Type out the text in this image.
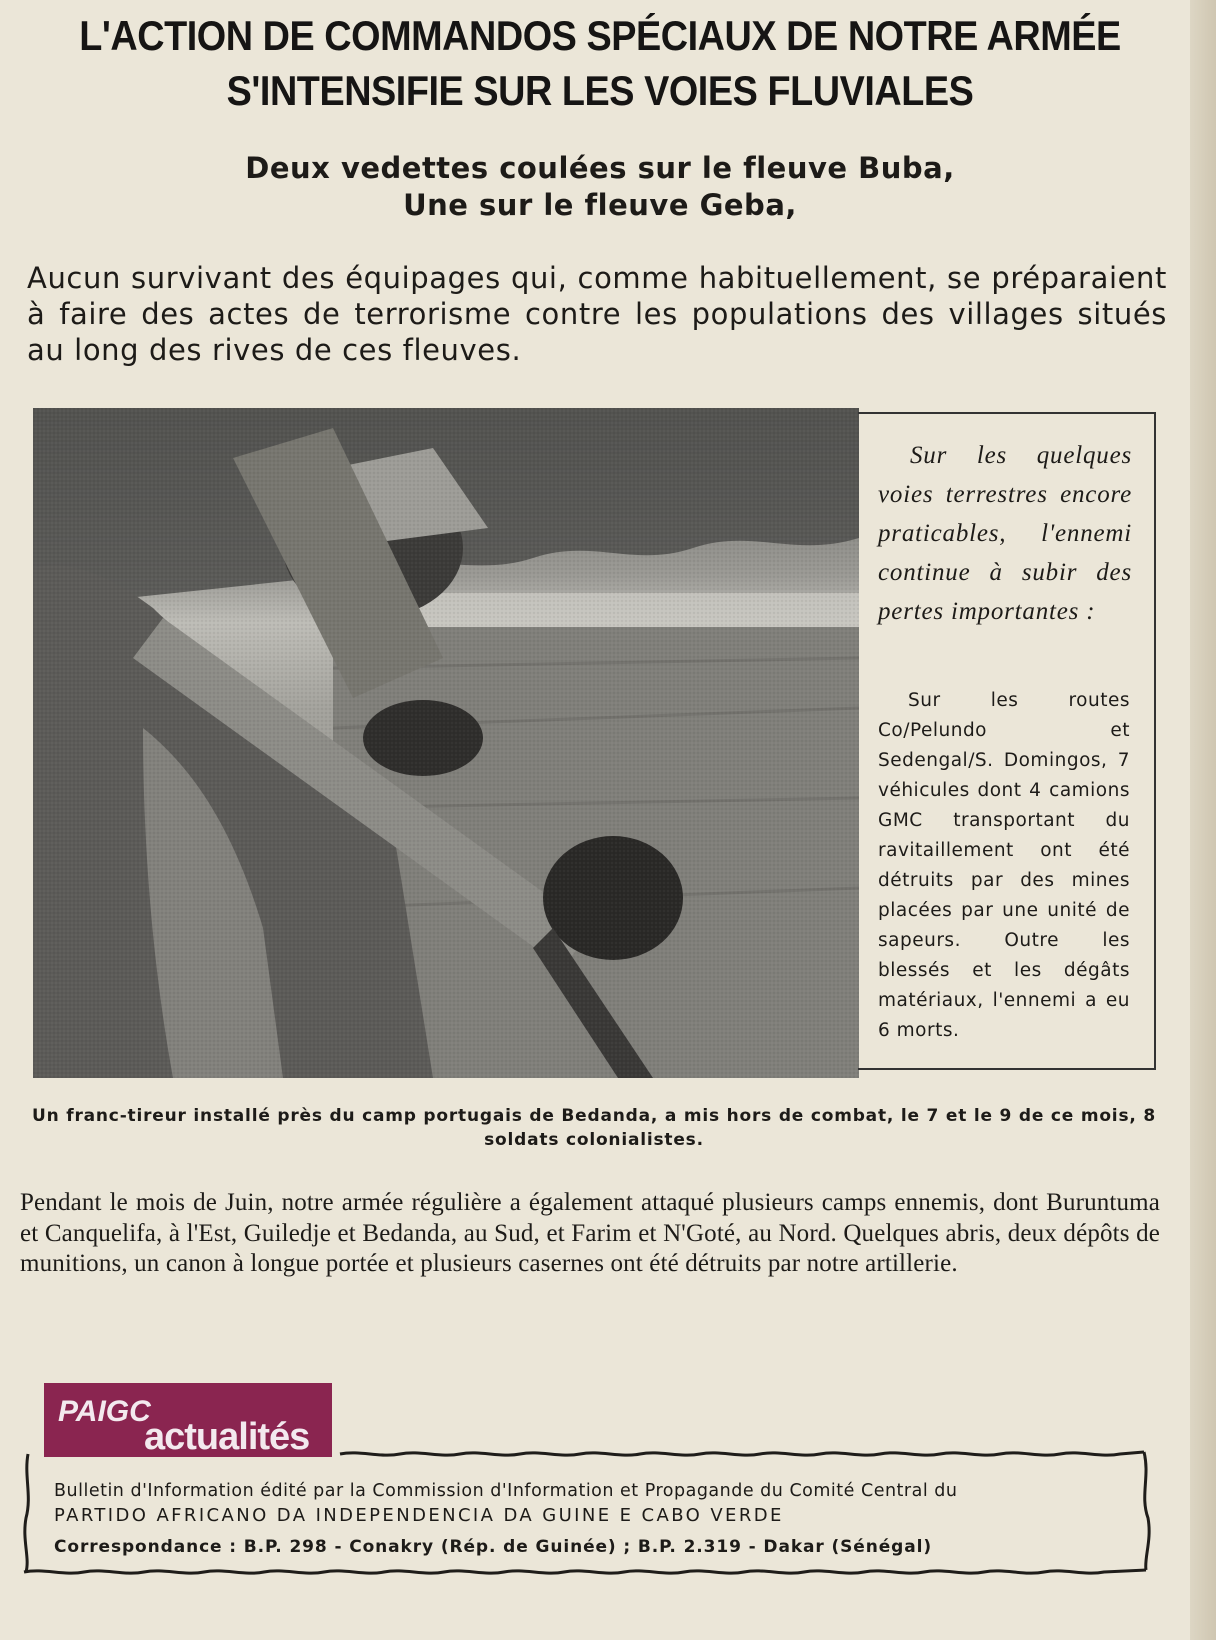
L'ACTION DE COMMANDOS SPÉCIAUX DE NOTRE ARMÉE
S'INTENSIFIE SUR LES VOIES FLUVIALES
Deux vedettes coulées sur le fleuve Buba,
Une sur le fleuve Geba,

Aucun survivant des équipages qui, comme habituellement, se préparaient à faire des actes de terrorisme contre les populations des villages situés au long des rives de ces fleuves.

Sur les quelques voies terrestres encore praticables, l'ennemi continue à subir des pertes importantes :

Sur les routes Co/Pelundo et Sedengal/S. Domingos, 7 véhicules dont 4 camions GMC transportant du ravitaillement ont été détruits par des mines placées par une unité de sapeurs. Outre les blessés et les dégâts matériaux, l'ennemi a eu 6 morts.

Un franc-tireur installé près du camp portugais de Bedanda, a mis hors de combat, le 7 et le 9 de ce mois, 8 soldats colonialistes.

Pendant le mois de Juin, notre armée régulière a également attaqué plusieurs camps ennemis, dont Buruntuma et Canquelifa, à l'Est, Guiledje et Bedanda, au Sud, et Farim et N'Goté, au Nord. Quelques abris, deux dépôts de munitions, un canon à longue portée et plusieurs casernes ont été détruits par notre artillerie.

PAIGC
actualités

Bulletin d'Information édité par la Commission d'Information et Propagande du Comité Central du

PARTIDO AFRICANO DA INDEPENDENCIA DA GUINE E CABO VERDE

Correspondance : B.P. 298 - Conakry (Rép. de Guinée) ; B.P. 2.319 - Dakar (Sénégal)
